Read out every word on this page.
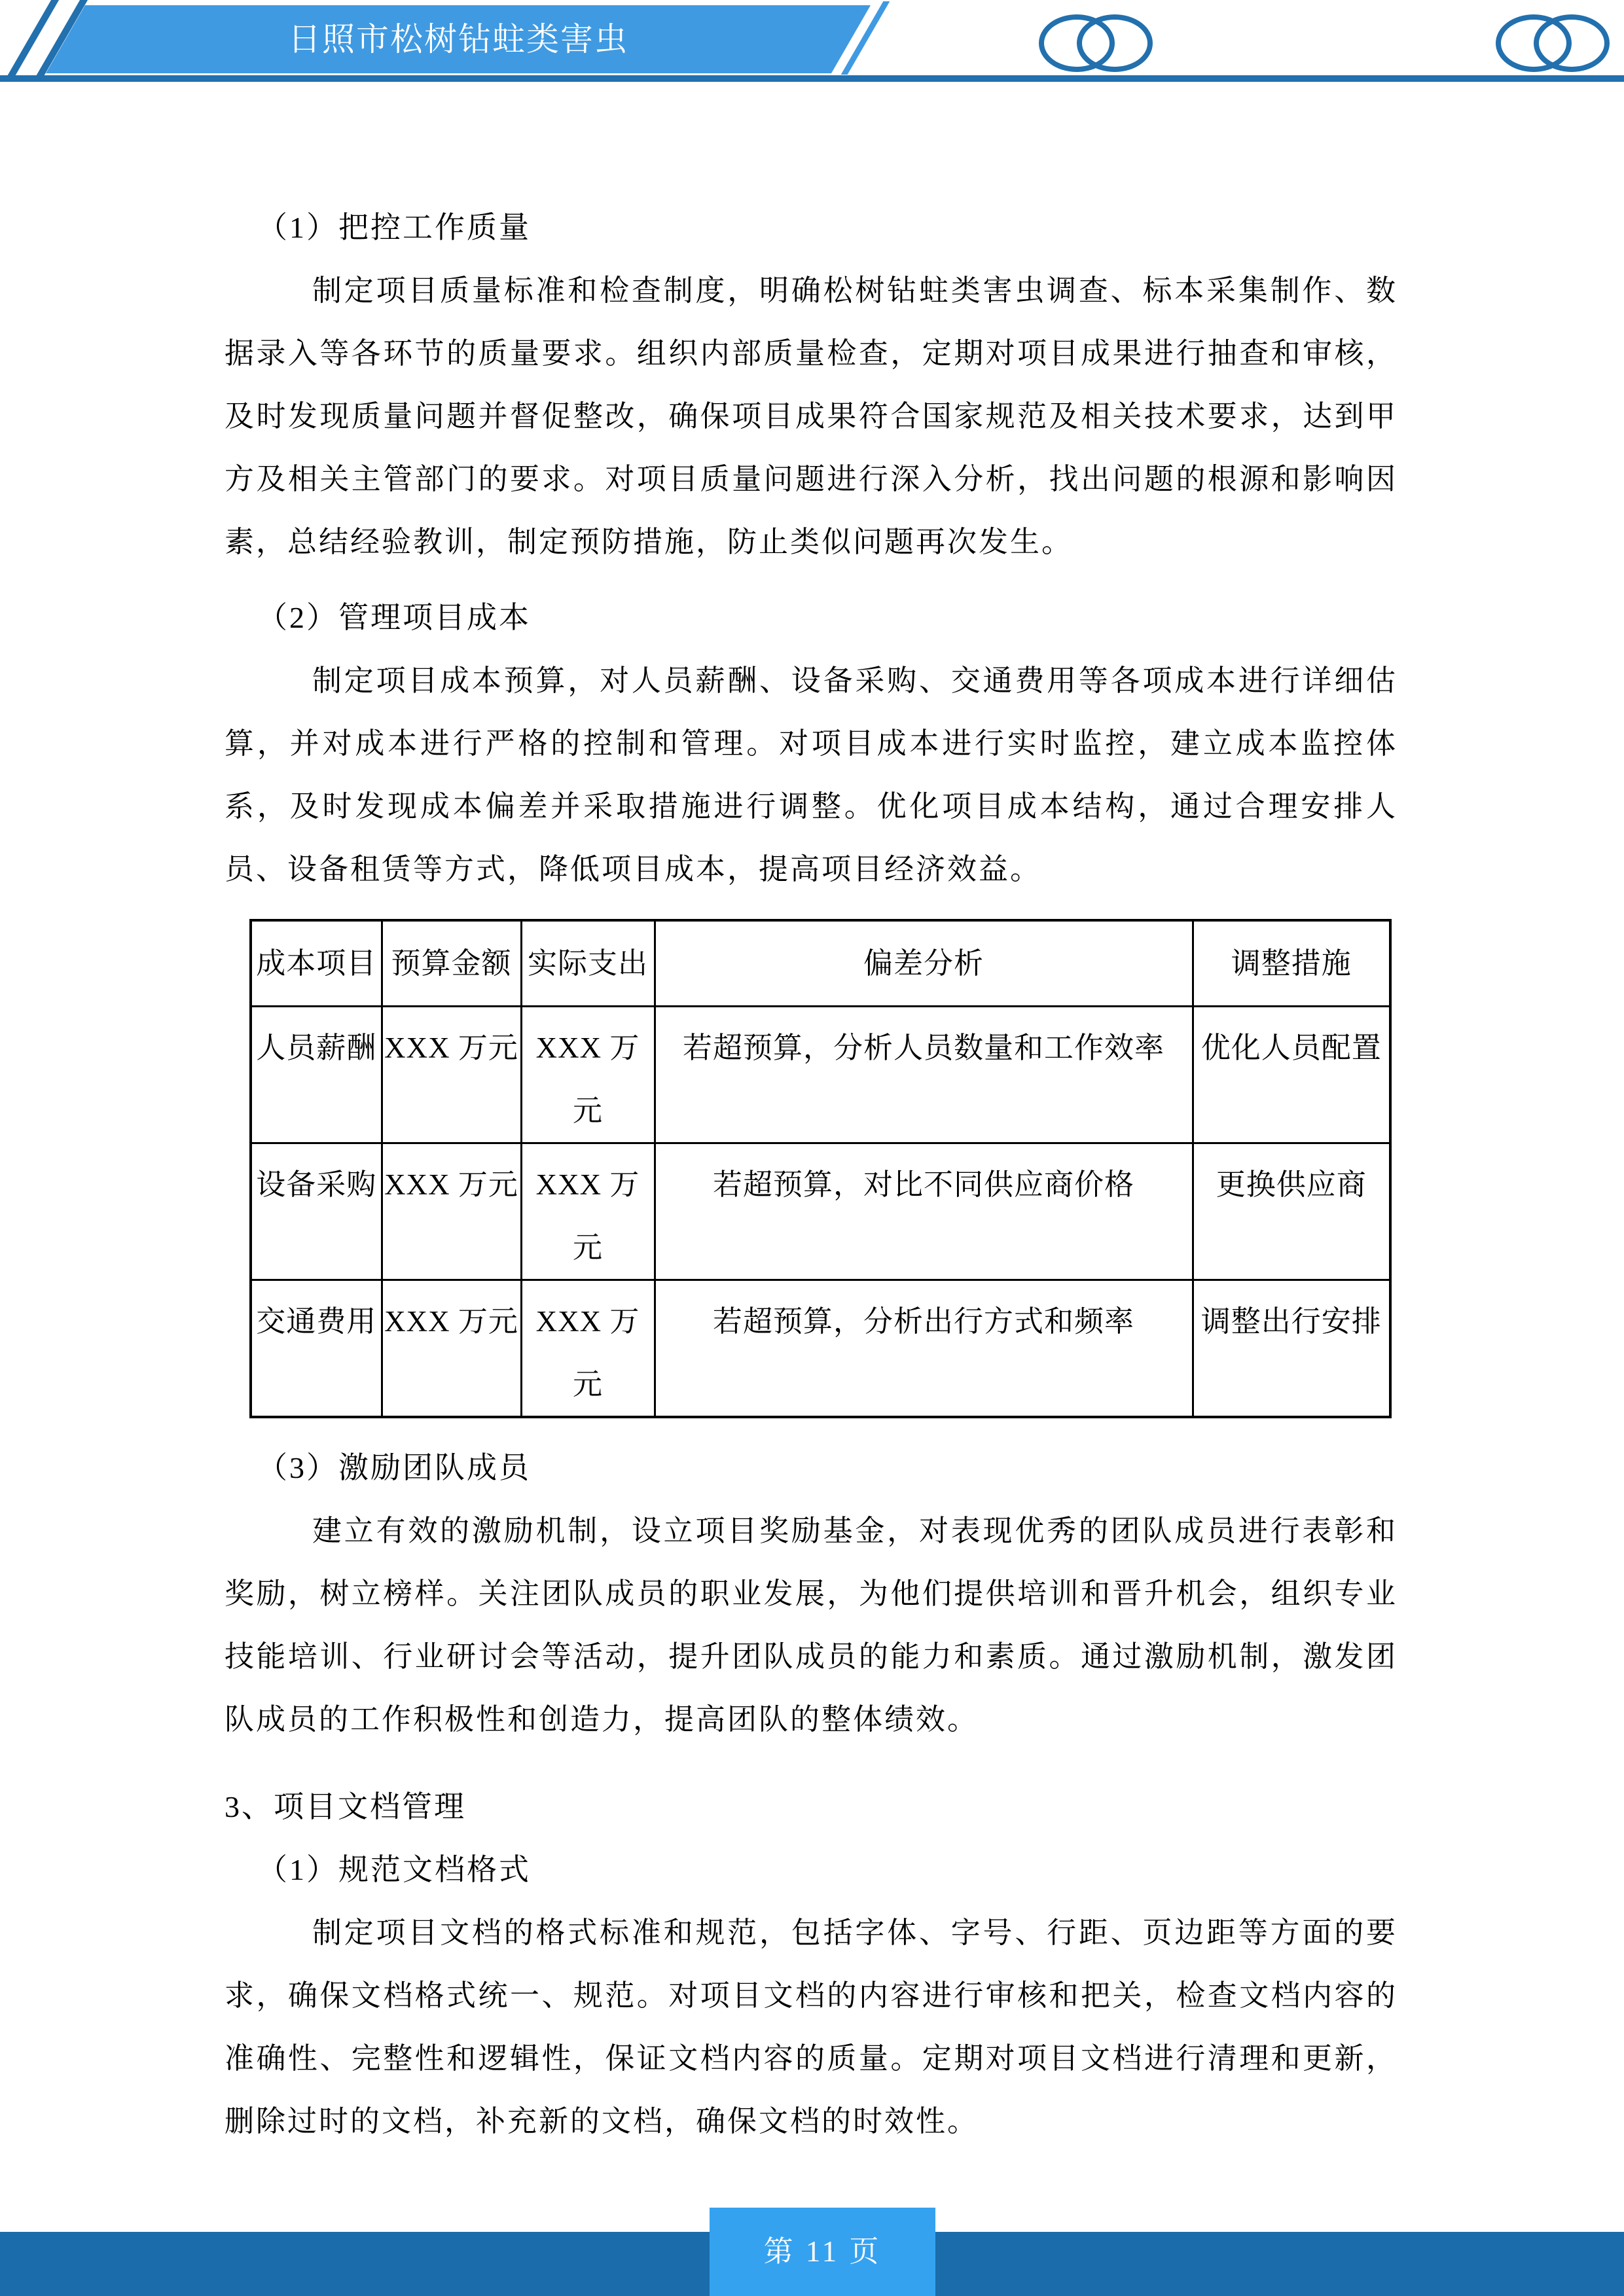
日照市松树钻蛀类害虫
（1）把控工作质量

制定项目质量标准和检查制度，明确松树钻蛀类害虫调查、标本采集制作、数据录入等各环节的质量要求。组织内部质量检查，定期对项目成果进行抽查和审核，及时发现质量问题并督促整改，确保项目成果符合国家规范及相关技术要求，达到甲方及相关主管部门的要求。对项目质量问题进行深入分析，找出问题的根源和影响因素，总结经验教训，制定预防措施，防止类似问题再次发生。

（2）管理项目成本

制定项目成本预算，对人员薪酬、设备采购、交通费用等各项成本进行详细估算，并对成本进行严格的控制和管理。对项目成本进行实时监控，建立成本监控体系，及时发现成本偏差并采取措施进行调整。优化项目成本结构，通过合理安排人员、设备租赁等方式，降低项目成本，提高项目经济效益。

成本项目	预算金额	实际支出	偏差分析	调整措施
人员薪酬	XXX 万元	XXX 万元	若超预算，分析人员数量和工作效率	优化人员配置
设备采购	XXX 万元	XXX 万元	若超预算，对比不同供应商价格	更换供应商
交通费用	XXX 万元	XXX 万元	若超预算，分析出行方式和频率	调整出行安排
（3）激励团队成员

建立有效的激励机制，设立项目奖励基金，对表现优秀的团队成员进行表彰和奖励，树立榜样。关注团队成员的职业发展，为他们提供培训和晋升机会，组织专业技能培训、行业研讨会等活动，提升团队成员的能力和素质。通过激励机制，激发团队成员的工作积极性和创造力，提高团队的整体绩效。

3、项目文档管理
（1）规范文档格式

制定项目文档的格式标准和规范，包括字体、字号、行距、页边距等方面的要求，确保文档格式统一、规范。对项目文档的内容进行审核和把关，检查文档内容的准确性、完整性和逻辑性，保证文档内容的质量。定期对项目文档进行清理和更新，删除过时的文档，补充新的文档，确保文档的时效性。

第 11 页
